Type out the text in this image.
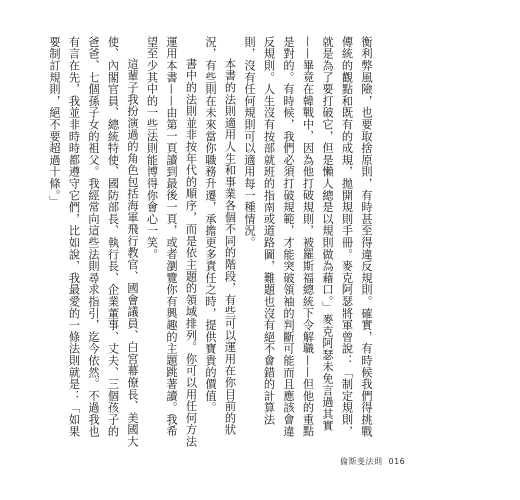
衡利弊風險，也要取捨原則，有時甚至得違反規則。確實，有時候我們得挑戰傳統的觀點和既有的成規，拋開規則手冊。麥克阿瑟將軍曾說：「制定規則，就是為了要打破它，但是懶人總是以規則做為藉口。」麥克阿瑟未免言過其實——畢竟在韓戰中，因為他打破規則，被羅斯福總統下令解職——但他的重點是對的。有時候，我們必須打破規範，才能突破領袖的判斷可能而且應該會違反規則。人生沒有按部就班的指南或道路圖，難題也沒有絕不會錯的計算法則，沒有任何規則可以適用每一種情況。

本書的法則適用人生和事業各個不同的階段，有些可以運用在你目前的狀況，有些則在未來當你職務升遷，承擔更多責任之時，提供寶貴的價值。

書中的法則並非按年代的順序，而是依主題的領域排列。你可以用任何方法運用本書——由第一頁讀到最後一頁，或者瀏覽你有興趣的主題跳著讀。我希望至少其中的一些法則能博得你會心一笑。

這輩子我扮演過的角色包括海軍飛行教官、國會議員、白宮幕僚長、美國大使、內閣官員、總統特使、國防部長、執行長、企業董事、丈夫、三個孩子的爸爸、七個孫子女的祖父。我經常向這些法則尋求指引，迄今依然。不過我也有言在先，我並非時時都遵守它們，比如說，我最愛的一條法則就是：「如果要制訂規則，絕不要超過十條。」

倫斯斐法則 016
